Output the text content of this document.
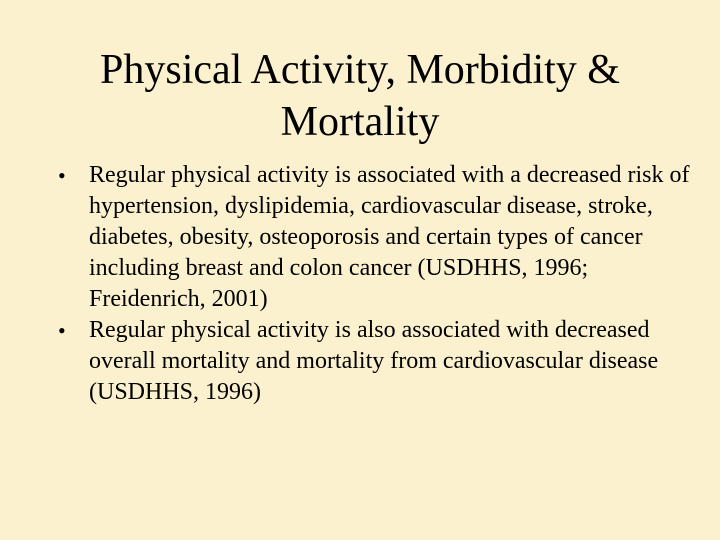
Physical Activity, Morbidity &
Mortality
• Regular physical activity is associated with a decreased risk of hypertension, dyslipidemia, cardiovascular disease, stroke, diabetes, obesity, osteoporosis and certain types of cancer including breast and colon cancer (USDHHS, 1996; Freidenrich, 2001)
• Regular physical activity is also associated with decreased overall mortality and mortality from cardiovascular disease (USDHHS, 1996)
